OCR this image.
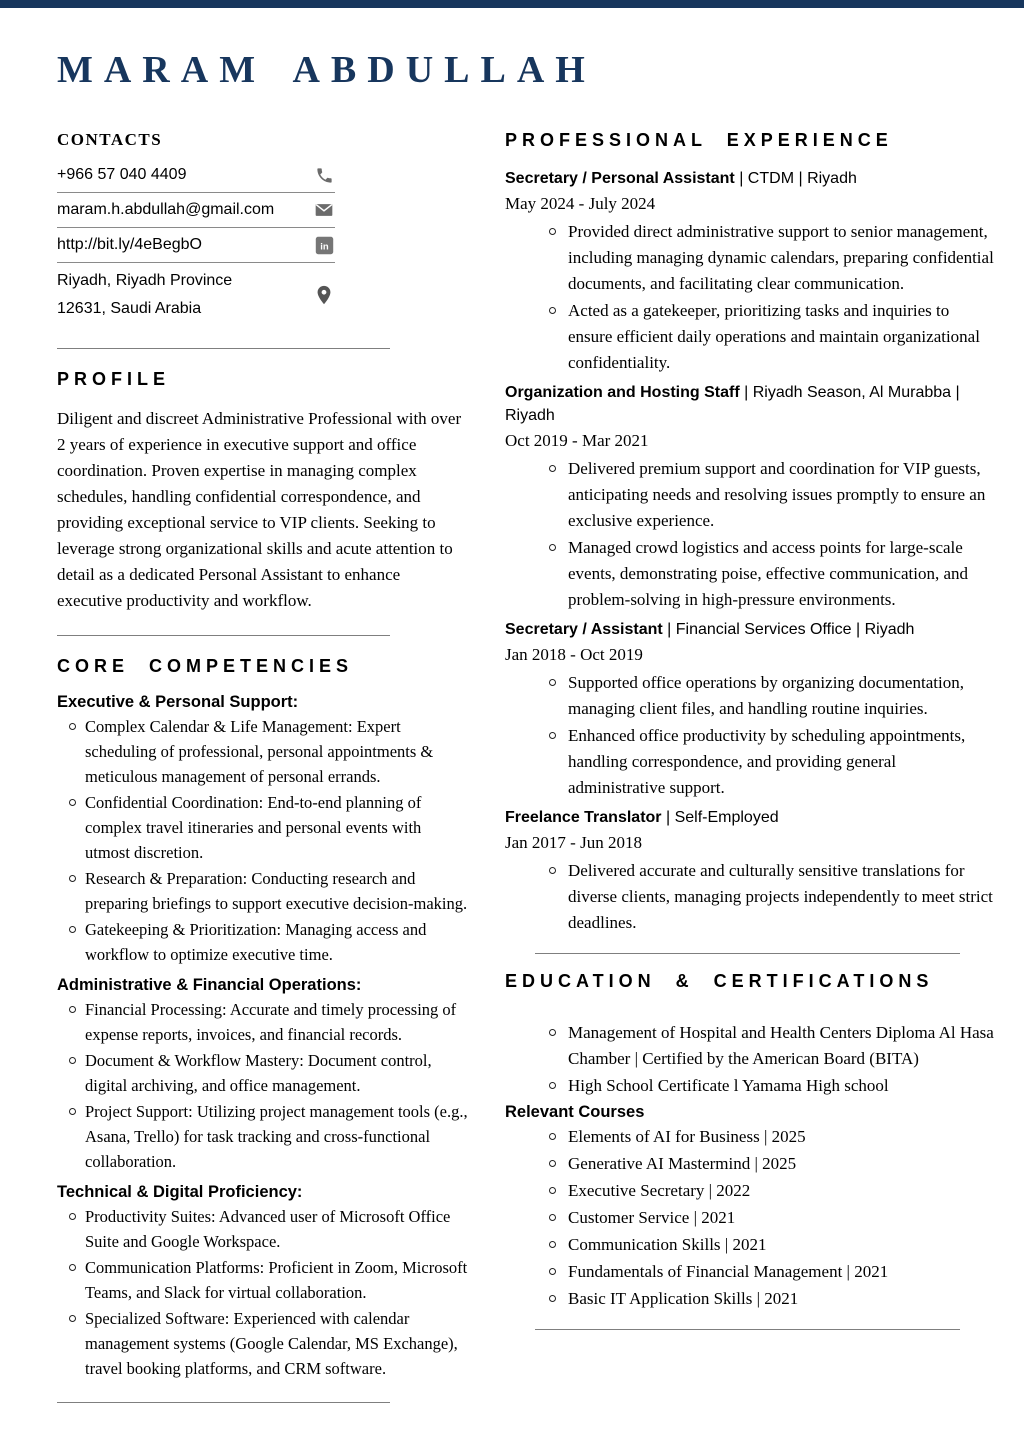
MARAM ABDULLAH
CONTACTS
+966 57 040 4409
maram.h.abdullah@gmail.com
http://bit.ly/4eBegbO	in
Riyadh, Riyadh Province
12631, Saudi Arabia
PROFILE

Diligent and discreet Administrative Professional with over 2 years of experience in executive support and office coordination. Proven expertise in managing complex schedules, handling confidential correspondence, and providing exceptional service to VIP clients. Seeking to leverage strong organizational skills and acute attention to detail as a dedicated Personal Assistant to enhance executive productivity and workflow.

CORE COMPETENCIES
Executive & Personal Support:
Complex Calendar & Life Management: Expert scheduling of professional, personal appointments & meticulous management of personal errands.
Confidential Coordination: End-to-end planning of complex travel itineraries and personal events with utmost discretion.
Research & Preparation: Conducting research and preparing briefings to support executive decision-making.
Gatekeeping & Prioritization: Managing access and workflow to optimize executive time.
Administrative & Financial Operations:
Financial Processing: Accurate and timely processing of expense reports, invoices, and financial records.
Document & Workflow Mastery: Document control, digital archiving, and office management.
Project Support: Utilizing project management tools (e.g., Asana, Trello) for task tracking and cross-functional collaboration.
Technical & Digital Proficiency:
Productivity Suites: Advanced user of Microsoft Office Suite and Google Workspace.
Communication Platforms: Proficient in Zoom, Microsoft Teams, and Slack for virtual collaboration.
Specialized Software: Experienced with calendar management systems (Google Calendar, MS Exchange), travel booking platforms, and CRM software.
PROFESSIONAL EXPERIENCE
Secretary / Personal Assistant | CTDM | Riyadh
May 2024 - July 2024
Provided direct administrative support to senior management, including managing dynamic calendars, preparing confidential documents, and facilitating clear communication.
Acted as a gatekeeper, prioritizing tasks and inquiries to ensure efficient daily operations and maintain organizational confidentiality.
Organization and Hosting Staff | Riyadh Season, Al Murabba | Riyadh
Oct 2019 - Mar 2021
Delivered premium support and coordination for VIP guests, anticipating needs and resolving issues promptly to ensure an exclusive experience.
Managed crowd logistics and access points for large-scale events, demonstrating poise, effective communication, and problem-solving in high-pressure environments.
Secretary / Assistant | Financial Services Office | Riyadh
Jan 2018 - Oct 2019
Supported office operations by organizing documentation, managing client files, and handling routine inquiries.
Enhanced office productivity by scheduling appointments, handling correspondence, and providing general administrative support.
Freelance Translator | Self-Employed
Jan 2017 - Jun 2018
Delivered accurate and culturally sensitive translations for diverse clients, managing projects independently to meet strict deadlines.
EDUCATION & CERTIFICATIONS
Management of Hospital and Health Centers Diploma Al Hasa Chamber | Certified by the American Board (BITA)
High School Certificate l Yamama High school
Relevant Courses
Elements of AI for Business | 2025
Generative AI Mastermind | 2025
Executive Secretary | 2022
Customer Service | 2021
Communication Skills | 2021
Fundamentals of Financial Management | 2021
Basic IT Application Skills | 2021
